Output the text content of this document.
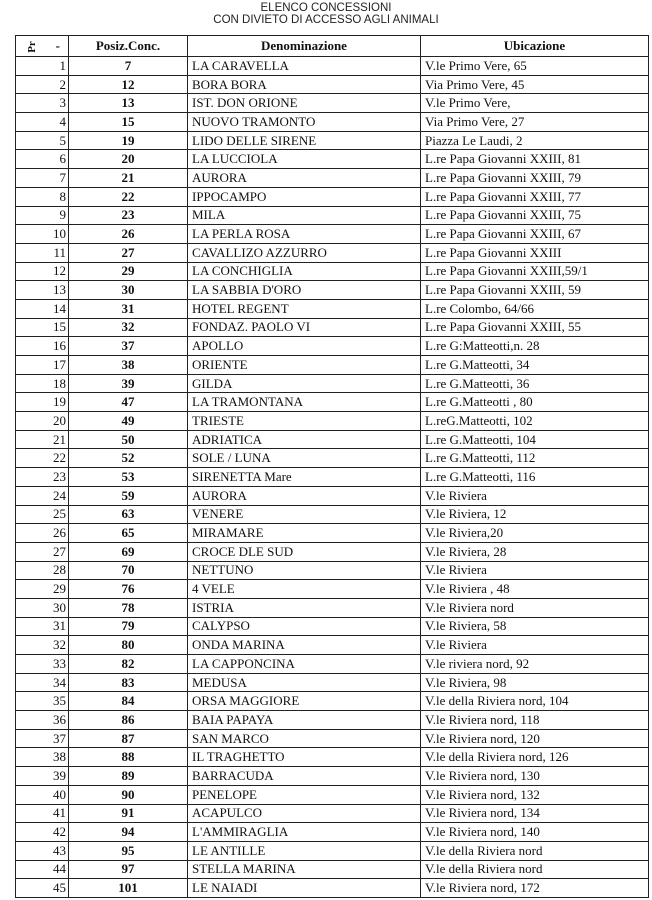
ELENCO CONCESSIONI
CON DIVIETO DI ACCESSO AGLI ANIMALI
Pr -	Posiz.Conc.	Denominazione	Ubicazione
1	7	LA CARAVELLA	V.le Primo Vere, 65
2	12	BORA BORA	Via Primo Vere, 45
3	13	IST. DON ORIONE	V.le Primo Vere,
4	15	NUOVO TRAMONTO	Via Primo Vere, 27
5	19	LIDO DELLE SIRENE	Piazza Le Laudi, 2
6	20	LA LUCCIOLA	L.re Papa Giovanni XXIII, 81
7	21	AURORA	L.re Papa Giovanni XXIII, 79
8	22	IPPOCAMPO	L.re Papa Giovanni XXIII, 77
9	23	MILA	L.re Papa Giovanni XXIII, 75
10	26	LA PERLA ROSA	L.re Papa Giovanni XXIII, 67
11	27	CAVALLIZO AZZURRO	L.re Papa Giovanni XXIII
12	29	LA CONCHIGLIA	L.re Papa Giovanni XXIII,59/1
13	30	LA SABBIA D'ORO	L.re Papa Giovanni XXIII, 59
14	31	HOTEL REGENT	L.re Colombo, 64/66
15	32	FONDAZ. PAOLO VI	L.re Papa Giovanni XXIII, 55
16	37	APOLLO	L.re G:Matteotti,n. 28
17	38	ORIENTE	L.re G.Matteotti, 34
18	39	GILDA	L.re G.Matteotti, 36
19	47	LA TRAMONTANA	L.re G.Matteotti , 80
20	49	TRIESTE	L.reG.Matteotti, 102
21	50	ADRIATICA	L.re G.Matteotti, 104
22	52	SOLE / LUNA	L.re G.Matteotti, 112
23	53	SIRENETTA Mare	L.re G.Matteotti, 116
24	59	AURORA	V.le Riviera
25	63	VENERE	V.le Riviera, 12
26	65	MIRAMARE	V.le Riviera,20
27	69	CROCE DLE SUD	V.le Riviera, 28
28	70	NETTUNO	V.le Riviera
29	76	4 VELE	V.le Riviera , 48
30	78	ISTRIA	V.le Riviera nord
31	79	CALYPSO	V.le Riviera, 58
32	80	ONDA MARINA	V.le Riviera
33	82	LA CAPPONCINA	V.le riviera nord, 92
34	83	MEDUSA	V.le Riviera, 98
35	84	ORSA MAGGIORE	V.le della Riviera nord, 104
36	86	BAIA PAPAYA	V.le Riviera nord, 118
37	87	SAN MARCO	V.le Riviera nord, 120
38	88	IL TRAGHETTO	V.le della Riviera nord, 126
39	89	BARRACUDA	V.le Riviera nord, 130
40	90	PENELOPE	V.le Riviera nord, 132
41	91	ACAPULCO	V.le Riviera nord, 134
42	94	L'AMMIRAGLIA	V.le Riviera nord, 140
43	95	LE ANTILLE	V.le della Riviera nord
44	97	STELLA MARINA	V.le della Riviera nord
45	101	LE NAIADI	V.le Riviera nord, 172
